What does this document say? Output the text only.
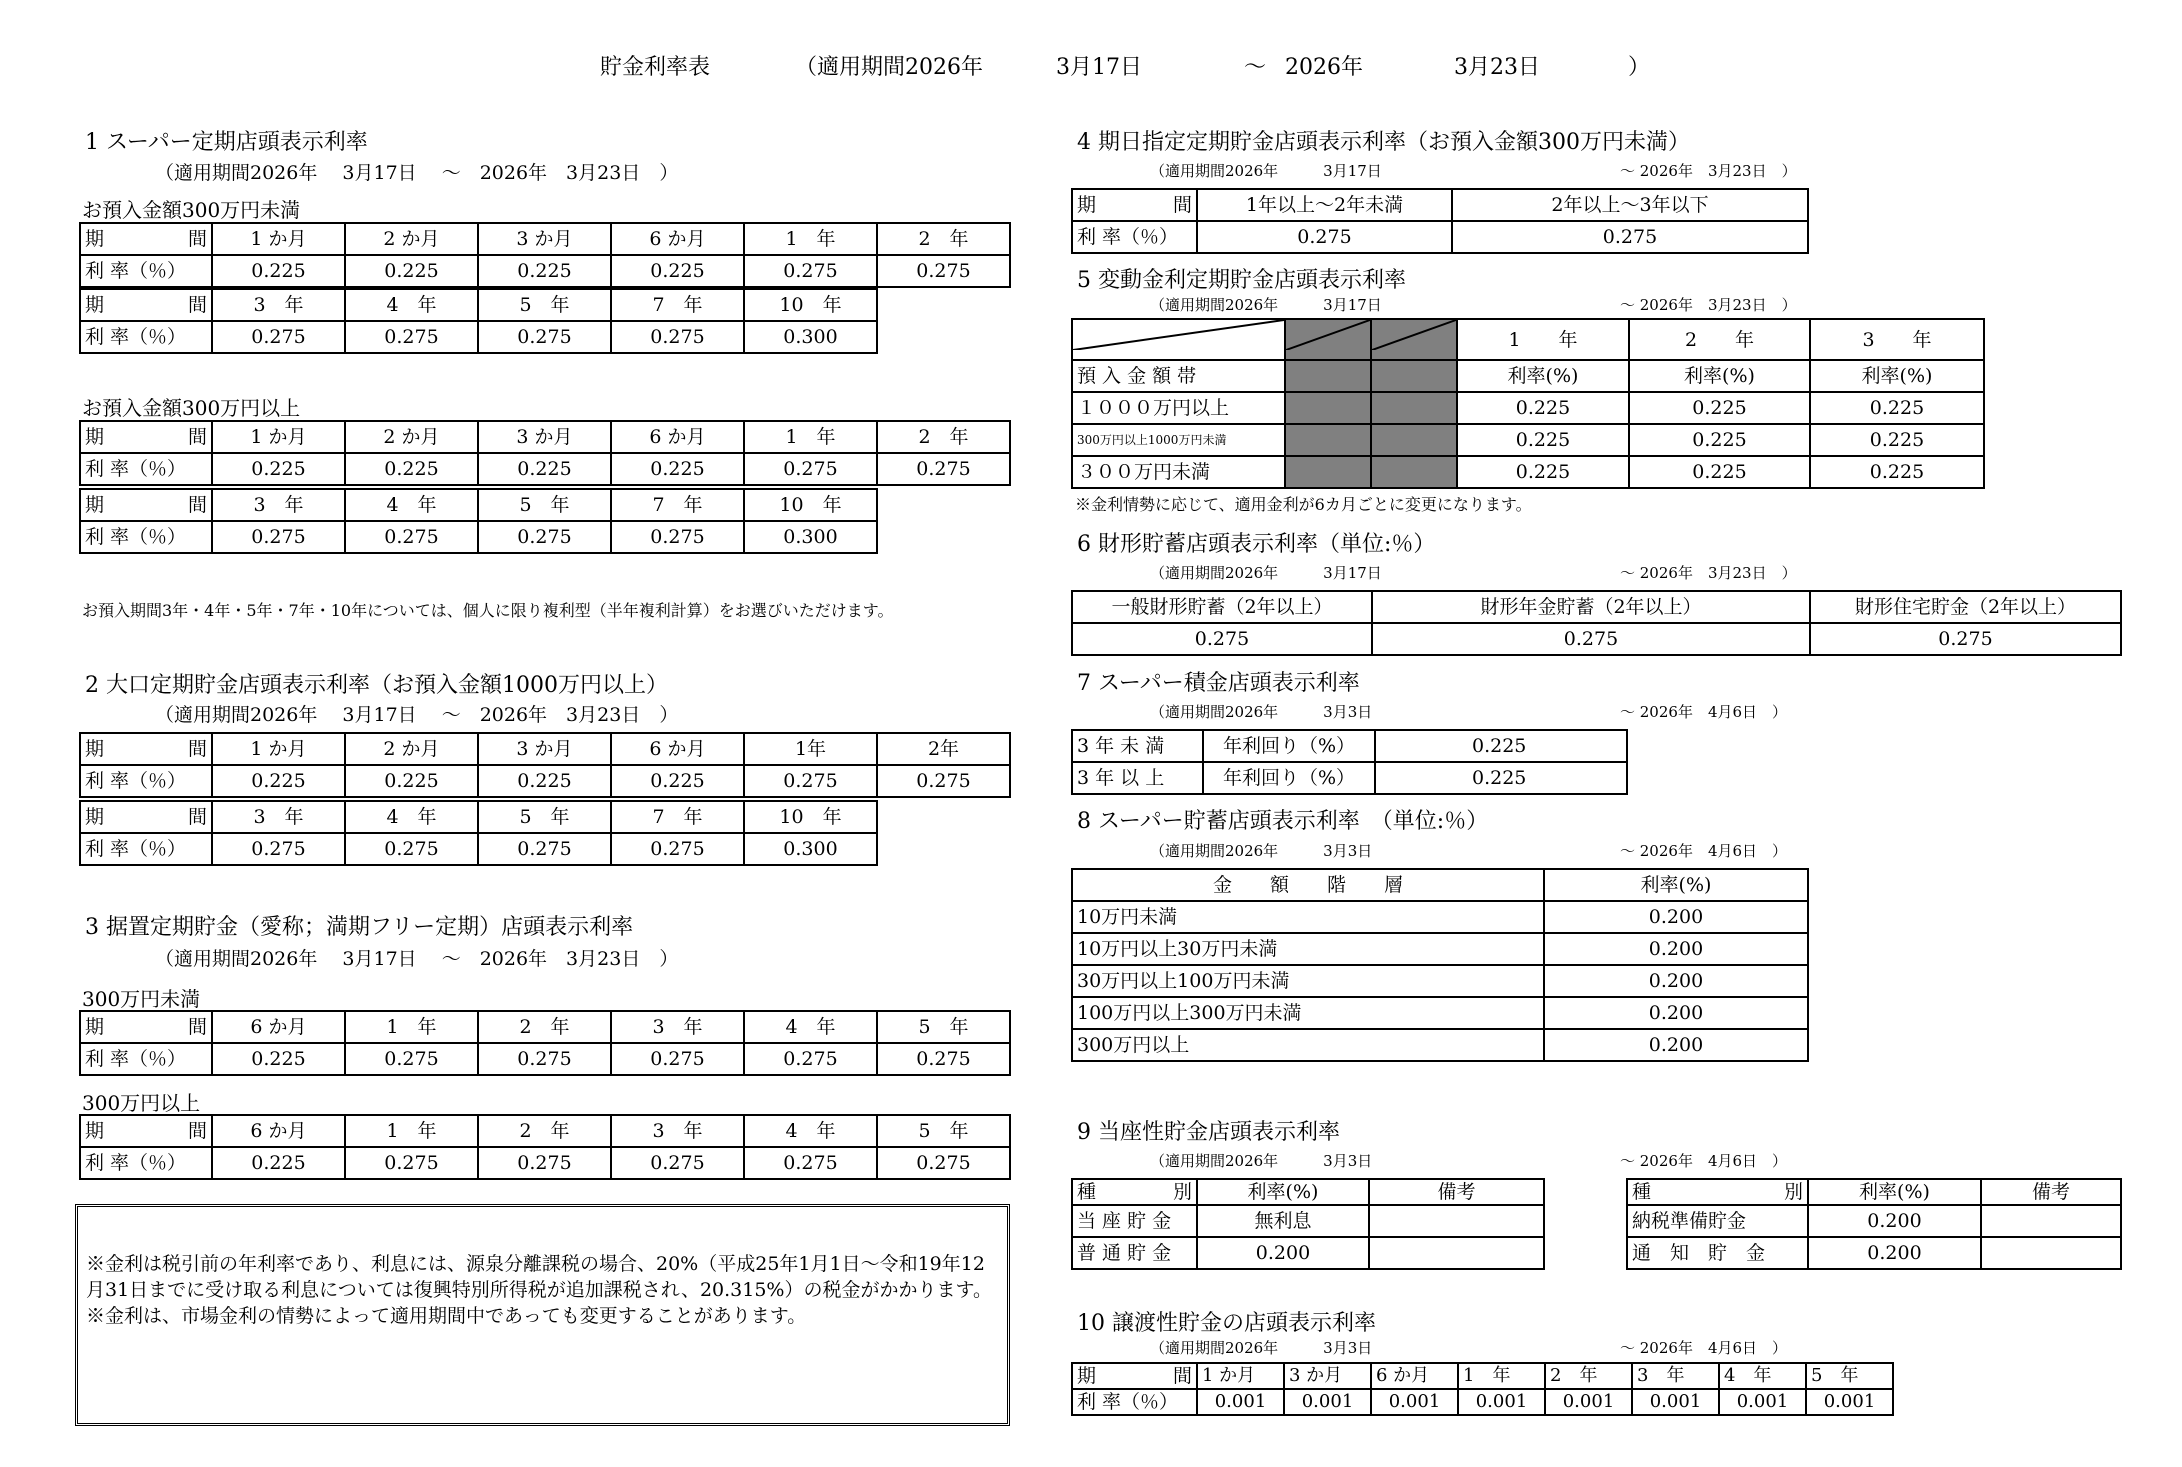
貯金利率表	（適用期間2026年	3月17日	～ 2026年	3月23日	）
1 スーパー定期店頭表示利率
（適用期間2026年　 3月17日　 ～　2026年　3月23日　）
お預入金額300万円未満
期　　間	1 か月	2 か月	3 か月	6 か月	1　年	2　年
利 率（％）	0.225	0.225	0.225	0.225	0.275	0.275
期　　間	3　年	4　年	5　年	7　年	10　年
利 率（％）	0.275	0.275	0.275	0.275	0.300
お預入金額300万円以上
期　　間	1 か月	2 か月	3 か月	6 か月	1　年	2　年
利 率（％）	0.225	0.225	0.225	0.225	0.275	0.275
期　　間	3　年	4　年	5　年	7　年	10　年
利 率（％）	0.275	0.275	0.275	0.275	0.300
お預入期間3年・4年・5年・7年・10年については、個人に限り複利型（半年複利計算）をお選びいただけます。
2 大口定期貯金店頭表示利率（お預入金額1000万円以上）
（適用期間2026年　 3月17日　 ～　2026年　3月23日　）
期　　間	1 か月	2 か月	3 か月	6 か月	1年	2年
利 率（％）	0.225	0.225	0.225	0.225	0.275	0.275
期　　間	3　年	4　年	5　年	7　年	10　年
利 率（％）	0.275	0.275	0.275	0.275	0.300
3 据置定期貯金（愛称；満期フリー定期）店頭表示利率
（適用期間2026年　 3月17日　 ～　2026年　3月23日　）
300万円未満
期　　間	6 か月	1　年	2　年	3　年	4　年	5　年
利 率（％）	0.225	0.275	0.275	0.275	0.275	0.275
300万円以上
期　　間	6 か月	1　年	2　年	3　年	4　年	5　年
利 率（％）	0.225	0.275	0.275	0.275	0.275	0.275
※金利は税引前の年利率であり、利息には、源泉分離課税の場合、20%（平成25年1月1日～令和19年12月31日までに受け取る利息については復興特別所得税が追加課税され、20.315%）の税金がかかります。
※金利は、市場金利の情勢によって適用期間中であっても変更することがあります。
4 期日指定定期貯金店頭表示利率（お預入金額300万円未満）
（適用期間2026年　　　3月17日	～ 2026年　3月23日　）
期　間	1年以上～2年未満	2年以上～3年以下
利 率（％）	0.275	0.275
5 変動金利定期貯金店頭表示利率
（適用期間2026年　　　3月17日	～ 2026年　3月23日　）
			1　　年	2　　年	3　　年
預 入 金 額 帯			利率(%)	利率(%)	利率(%)
１０００万円以上			0.225	0.225	0.225
300万円以上1000万円未満			0.225	0.225	0.225
３００万円未満			0.225	0.225	0.225
※金利情勢に応じて、適用金利が6カ月ごとに変更になります。
6 財形貯蓄店頭表示利率（単位:％）
（適用期間2026年　　　3月17日	～ 2026年　3月23日　）
一般財形貯蓄（2年以上）	財形年金貯蓄（2年以上）	財形住宅貯金（2年以上）
0.275	0.275	0.275
7 スーパー積金店頭表示利率
（適用期間2026年　　　3月3日	～ 2026年　4月6日　）
3 年 未 満	年利回り（%）	0.225
3 年 以 上	年利回り（%）	0.225
8 スーパー貯蓄店頭表示利率　（単位:％）
（適用期間2026年　　　3月3日	～ 2026年　4月6日　）
金　　額　　階　　層	利率(%)
10万円未満	0.200
10万円以上30万円未満	0.200
30万円以上100万円未満	0.200
100万円以上300万円未満	0.200
300万円以上	0.200
9 当座性貯金店頭表示利率
（適用期間2026年　　　3月3日	～ 2026年　4月6日　）
種　　　別	利率(%)	備考
当 座 貯 金	無利息	
普 通 貯 金	0.200	
種　　　別	利率(%)	備考
納税準備貯金	0.200	
通　知　貯　金	0.200	
10 譲渡性貯金の店頭表示利率
（適用期間2026年　　　3月3日	～ 2026年　4月6日　）
期　　間	1 か月	3 か月	6 か月	1　年	2　年	3　年	4　年	5　年
利 率（％）	0.001	0.001	0.001	0.001	0.001	0.001	0.001	0.001
